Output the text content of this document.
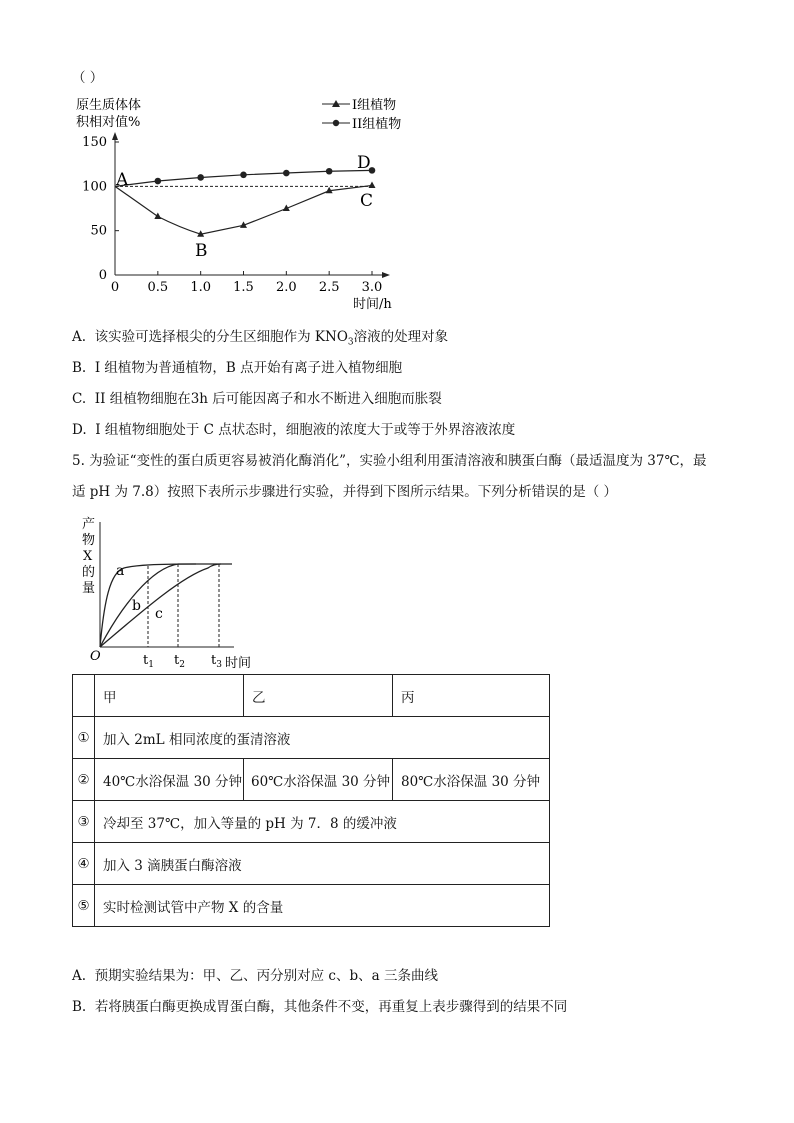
（ ）
原生质体体
积相对值%
0 0.5 1.0 1.5 2.0 2.5 3.0
0
50
100
150
I组植物
II组植物
A
B
C
D
时间/h
A. 该实验可选择根尖的分生区细胞作为 $KNO_3$溶液的处理对象
B. I 组植物为普通植物，B 点开始有离子进入植物细胞
C. II 组植物细胞在3h 后可能因离子和水不断进入细胞而胀裂
D. I 组植物细胞处于 C 点状态时，细胞液的浓度大于或等于外界溶液浓度
5. 为验证“变性的蛋白质更容易被消化酶消化”，实验小组利用蛋清溶液和胰蛋白酶（最适温度为 37℃，最
适 pH 为 7.8）按照下表所示步骤进行实验，并得到下图所示结果。下列分析错误的是（ ）
产
物
X
的
量
O
a
b c
$t_1$ $t_2$ $t_3$ 时间
	甲	乙	丙
①	加入 2mL 相同浓度的蛋清溶液		
②	40℃水浴保温 30 分钟	60℃水浴保温 30 分钟	80℃水浴保温 30 分钟
③	冷却至 37℃，加入等量的 pH 为 7．8 的缓冲液		
④	加入 3 滴胰蛋白酶溶液		
⑤	实时检测试管中产物 X 的含量		
A. 预期实验结果为：甲、乙、丙分别对应 c、b、a 三条曲线
B. 若将胰蛋白酶更换成胃蛋白酶，其他条件不变，再重复上表步骤得到的结果不同
